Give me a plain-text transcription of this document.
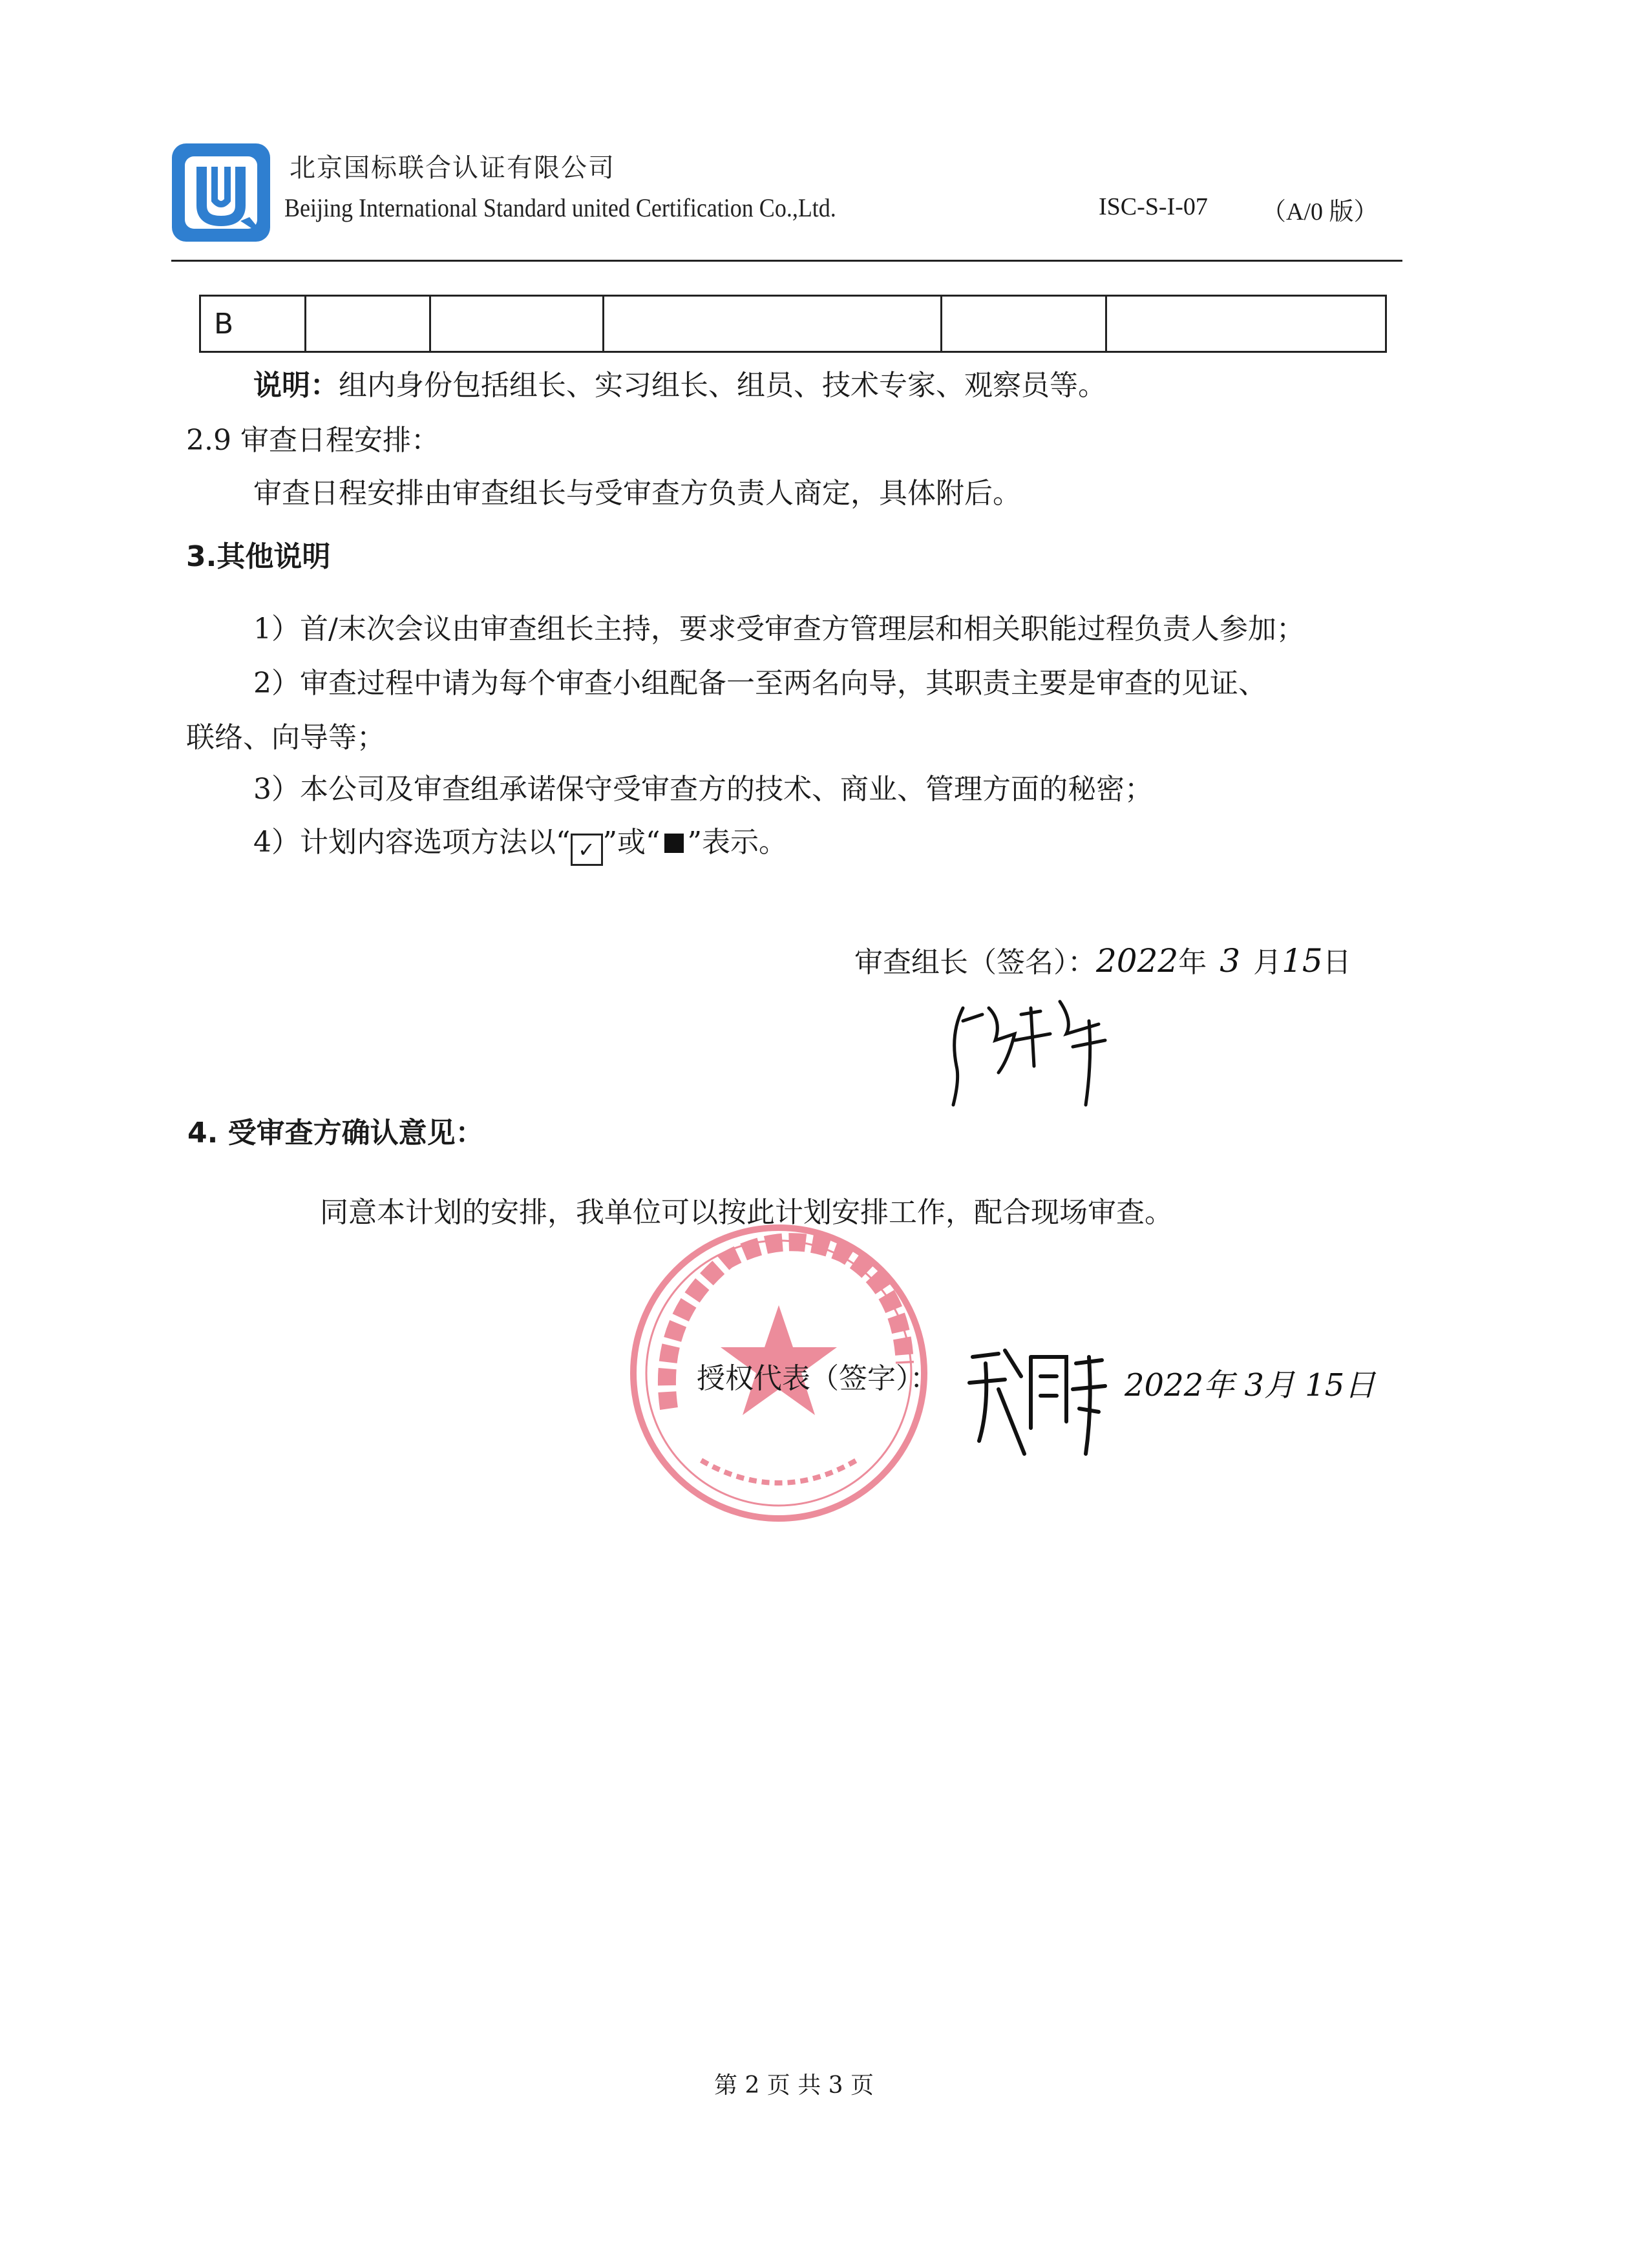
北京国标联合认证有限公司
Beijing International Standard united Certification Co.,Ltd.	ISC-S-I-07 （A/0 版）
B					
说明：组内身份包括组长、实习组长、组员、技术专家、观察员等。
2.9 审查日程安排：
审查日程安排由审查组长与受审查方负责人商定，具体附后。
3.其他说明
1）首/末次会议由审查组长主持，要求受审查方管理层和相关职能过程负责人参加；
2）审查过程中请为每个审查小组配备一至两名向导，其职责主要是审查的见证、
联络、向导等；
3）本公司及审查组承诺保守受审查方的技术、商业、管理方面的秘密；
4）计划内容选项方法以“ ✓ ”或“ ”表示。
审查组长（签名）：2022年 3 月15日
4. 受审查方确认意见：
同意本计划的安排，我单位可以按此计划安排工作，配合现场审查。
授权代表（签字）：	2022年 3月 15日
第 2 页 共 3 页
